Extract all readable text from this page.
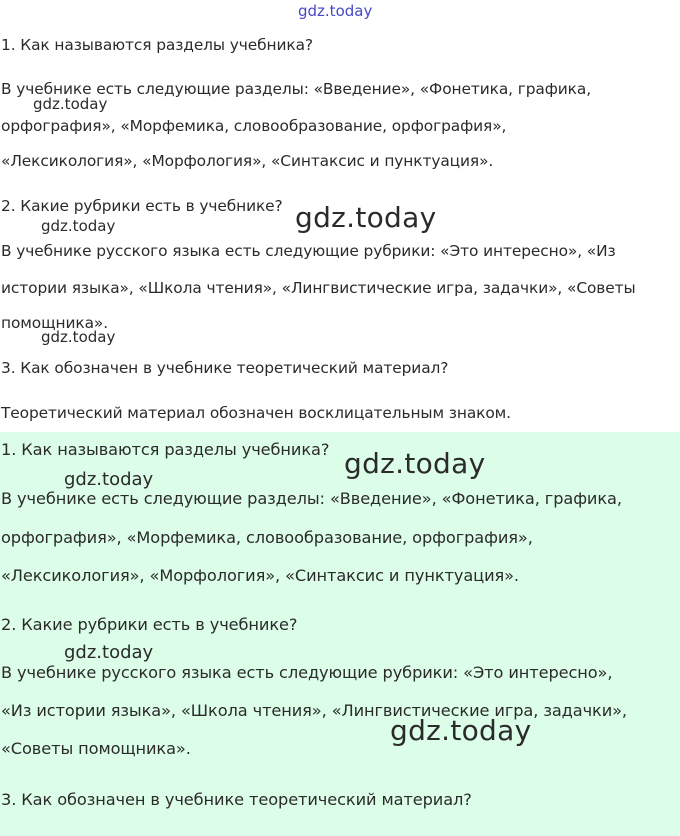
1. Как называются разделы учебника?
В учебнике есть следующие разделы: «Введение», «Фонетика, графика,
орфография», «Морфемика, словообразование, орфография»,
«Лексикология», «Морфология», «Синтаксис и пунктуация».
2. Какие рубрики есть в учебнике?
В учебнике русского языка есть следующие рубрики: «Это интересно», «Из
истории языка», «Школа чтения», «Лингвистические игра, задачки», «Советы
помощника».
3. Как обозначен в учебнике теоретический материал?
Теоретический материал обозначен восклицательным знаком.
1. Как называются разделы учебника?
В учебнике есть следующие разделы: «Введение», «Фонетика, графика,
орфография», «Морфемика, словообразование, орфография»,
«Лексикология», «Морфология», «Синтаксис и пунктуация».
2. Какие рубрики есть в учебнике?
В учебнике русского языка есть следующие рубрики: «Это интересно»,
«Из истории языка», «Школа чтения», «Лингвистические игра, задачки»,
«Советы помощника».
3. Как обозначен в учебнике теоретический материал?
gdz.today
gdz.today
gdz.today	gdz.today
gdz.today
gdz.today
gdz.today
gdz.today
gdz.today
